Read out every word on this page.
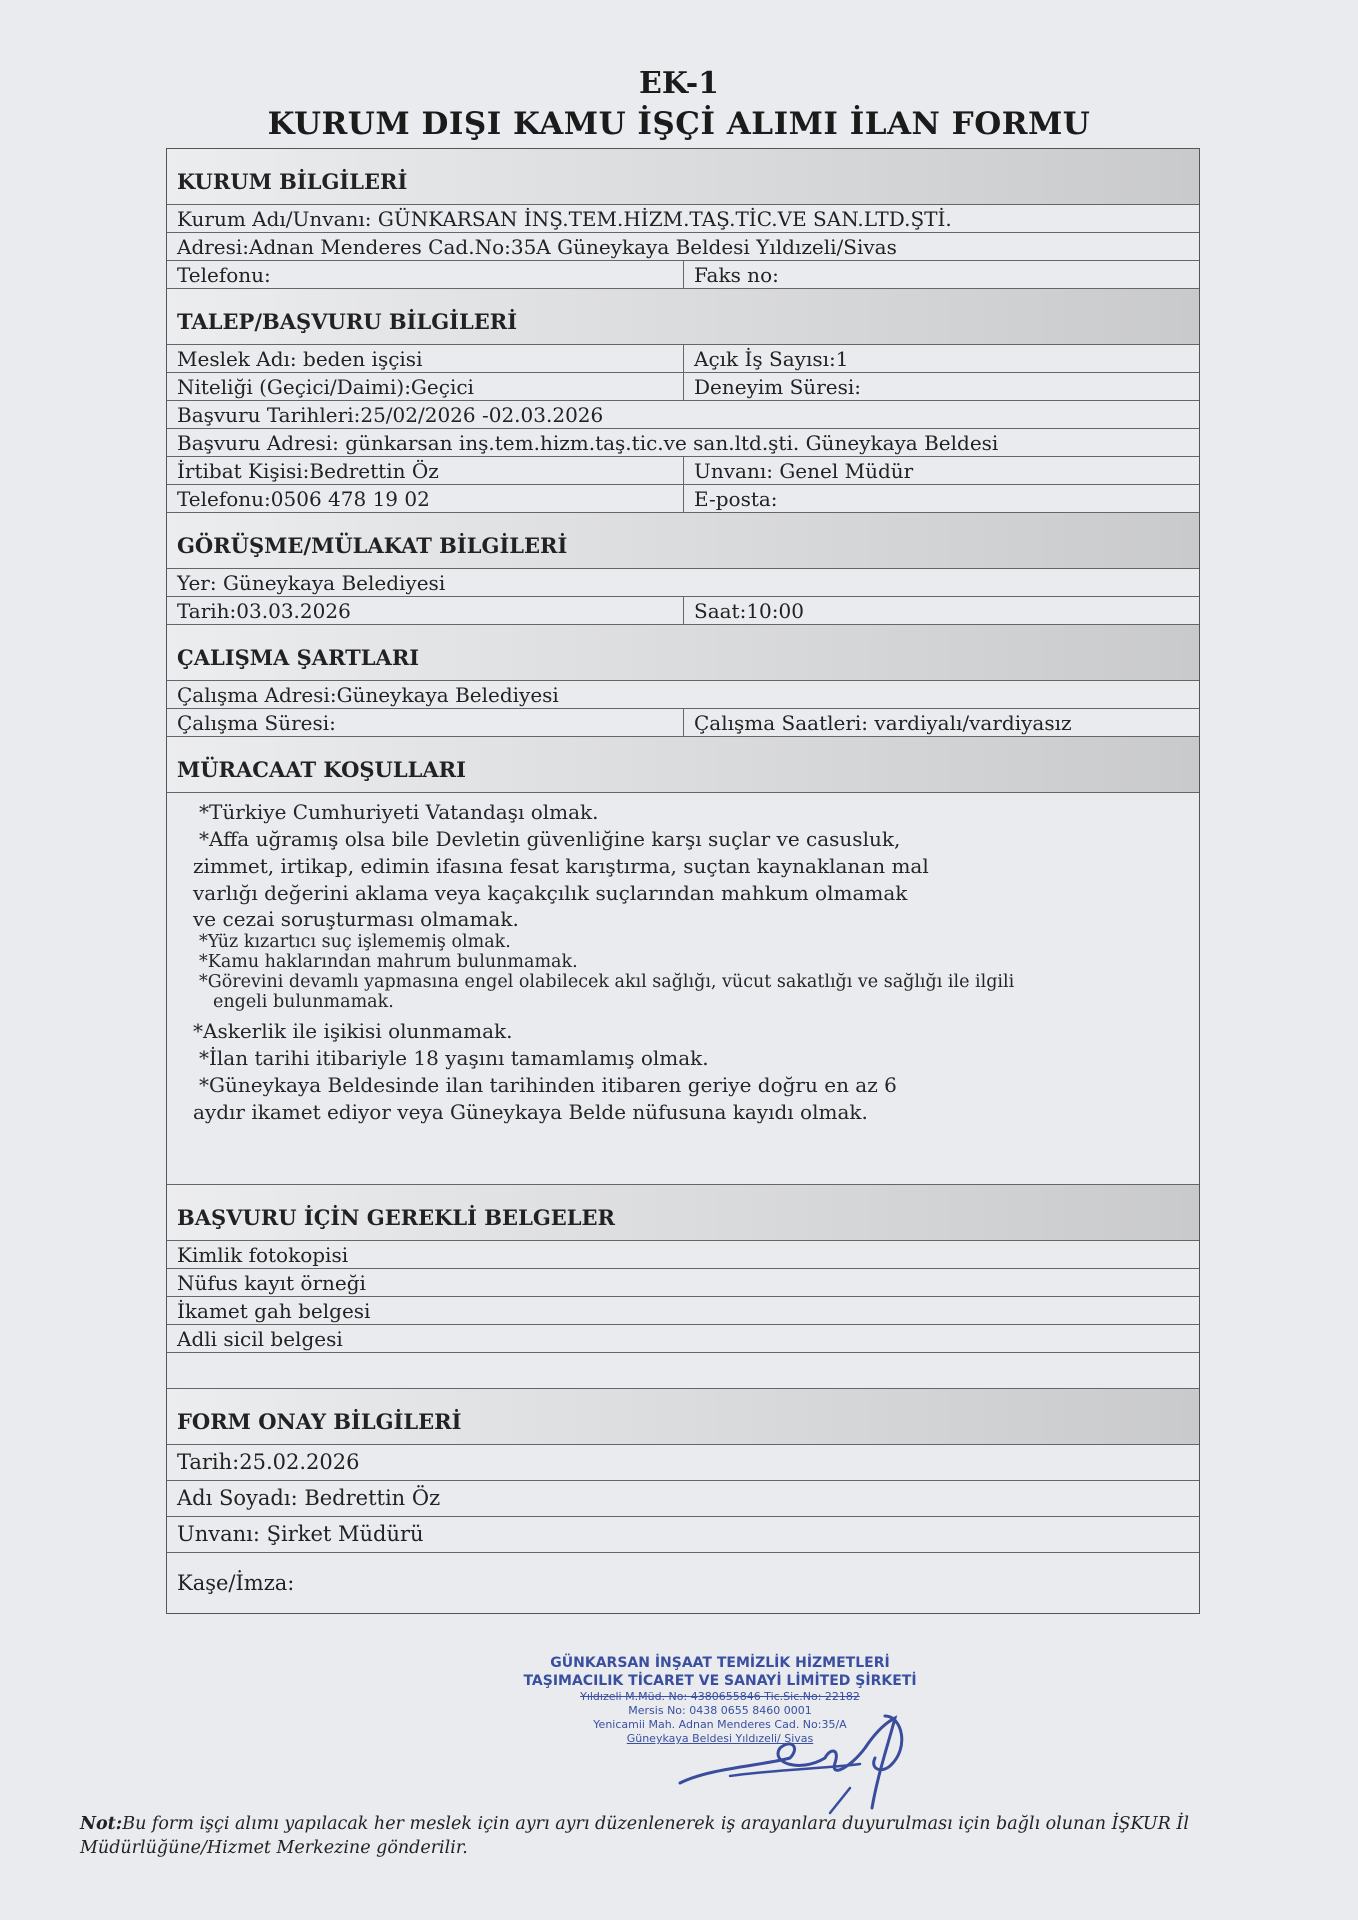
EK-1
KURUM DIŞI KAMU İŞÇİ ALIMI İLAN FORMU
KURUM BİLGİLERİ
Kurum Adı/Unvanı: GÜNKARSAN İNŞ.TEM.HİZM.TAŞ.TİC.VE SAN.LTD.ŞTİ.
Adresi:Adnan Menderes Cad.No:35A Güneykaya Beldesi Yıldızeli/Sivas
Telefonu:	Faks no:
TALEP/BAŞVURU BİLGİLERİ
Meslek Adı: beden işçisi	Açık İş Sayısı:1
Niteliği (Geçici/Daimi):Geçici	Deneyim Süresi:
Başvuru Tarihleri:25/02/2026 -02.03.2026
Başvuru Adresi: günkarsan inş.tem.hizm.taş.tic.ve san.ltd.şti. Güneykaya Beldesi
İrtibat Kişisi:Bedrettin Öz	Unvanı: Genel Müdür
Telefonu:0506 478 19 02	E-posta:
GÖRÜŞME/MÜLAKAT BİLGİLERİ
Yer: Güneykaya Belediyesi
Tarih:03.03.2026	Saat:10:00
ÇALIŞMA ŞARTLARI
Çalışma Adresi:Güneykaya Belediyesi
Çalışma Süresi:	Çalışma Saatleri: vardiyalı/vardiyasız
MÜRACAAT KOŞULLARI

*Türkiye Cumhuriyeti Vatandaşı olmak.

*Affa uğramış olsa bile Devletin güvenliğine karşı suçlar ve casusluk,

zimmet, irtikap, edimin ifasına fesat karıştırma, suçtan kaynaklanan mal

varlığı değerini aklama veya kaçakçılık suçlarından mahkum olmamak

ve cezai soruşturması olmamak.

*Yüz kızartıcı suç işlememiş olmak.

*Kamu haklarından mahrum bulunmamak.

*Görevini devamlı yapmasına engel olabilecek akıl sağlığı, vücut sakatlığı ve sağlığı ile ilgili

engeli bulunmamak.

*Askerlik ile işikisi olunmamak.

*İlan tarihi itibariyle 18 yaşını tamamlamış olmak.

*Güneykaya Beldesinde ilan tarihinden itibaren geriye doğru en az 6

aydır ikamet ediyor veya Güneykaya Belde nüfusuna kayıdı olmak.

BAŞVURU İÇİN GEREKLİ BELGELER
Kimlik fotokopisi
Nüfus kayıt örneği
İkamet gah belgesi
Adli sicil belgesi
FORM ONAY BİLGİLERİ
Tarih:25.02.2026
Adı Soyadı: Bedrettin Öz
Unvanı: Şirket Müdürü
Kaşe/İmza:
GÜNKARSAN İNŞAAT TEMİZLİK HİZMETLERİ
TAŞIMACILIK TİCARET VE SANAYİ LİMİTED ŞİRKETİ
Yıldızeli M.Müd. No: 4380655846 Tic.Sic.No: 22182
Mersis No: 0438 0655 8460 0001
Yenicamii Mah. Adnan Menderes Cad. No:35/A
Güneykaya Beldesi Yıldızeli/ Sivas
Not:Bu form işçi alımı yapılacak her meslek için ayrı ayrı düzenlenerek iş arayanlara duyurulması için bağlı olunan İŞKUR İl Müdürlüğüne/Hizmet Merkezine gönderilir.
